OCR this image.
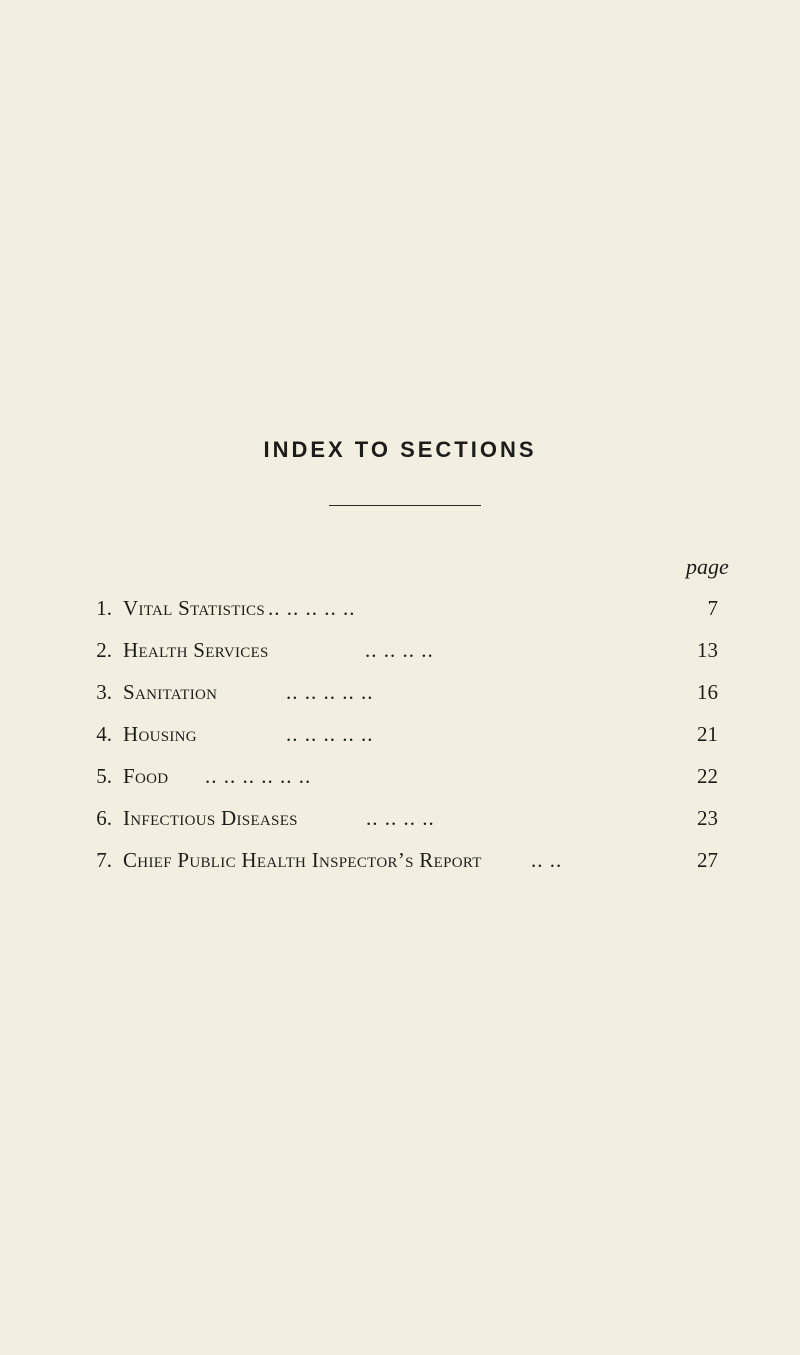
INDEX TO SECTIONS
page
1. Vital Statistics .. .. .. .. ..	7
2. Health Services	.. .. .. ..	13
3. Sanitation	.. .. .. .. ..	16
4. Housing	.. .. .. .. ..	21
5. Food .. .. .. .. .. ..	22
6. Infectious Diseases	.. .. .. ..	23
7. Chief Public Health Inspector’s Report .. ..	27
